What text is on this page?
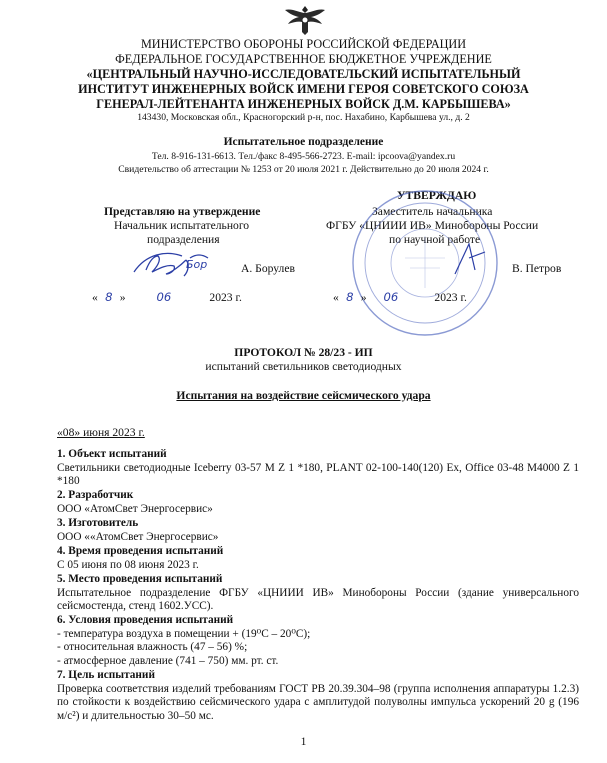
МИНИСТЕРСТВО ОБОРОНЫ РОССИЙСКОЙ ФЕДЕРАЦИИ
ФЕДЕРАЛЬНОЕ ГОСУДАРСТВЕННОЕ БЮДЖЕТНОЕ УЧРЕЖДЕНИЕ
«ЦЕНТРАЛЬНЫЙ НАУЧНО-ИССЛЕДОВАТЕЛЬСКИЙ ИСПЫТАТЕЛЬНЫЙ
ИНСТИТУТ ИНЖЕНЕРНЫХ ВОЙСК ИМЕНИ ГЕРОЯ СОВЕТСКОГО СОЮЗА
ГЕНЕРАЛ-ЛЕЙТЕНАНТА ИНЖЕНЕРНЫХ ВОЙСК Д.М. КАРБЫШЕВА»
143430, Московская обл., Красногорский р-н, пос. Нахабино, Карбышева ул., д. 2
Испытательное подразделение
Тел. 8-916-131-6613. Тел./факс 8-495-566-2723. E-mail: ipcoova@yandex.ru
Свидетельство об аттестации № 1253 от 20 июля 2021 г. Действительно до 20 июля 2024 г.
Представляю на утверждение
Начальник испытательного
подразделения
Бор	А. Борулев
« 8 »	06	2023 г.
УТВЕРЖДАЮ
Заместитель начальника
ФГБУ «ЦНИИИ ИВ» Минобороны России
по научной работе
В. Петров
« 8 » 06	2023 г.
ПРОТОКОЛ № 28/23 - ИП
испытаний светильников светодиодных
Испытания на воздействие сейсмического удара
«08» июня 2023 г.
1. Объект испытаний
Светильники светодиодные Iceberry 03-57 M Z 1 *180, PLANT 02-100-140(120) Ex, Office 03-48 M4000 Z 1 *180
2. Разработчик
ООО «АтомСвет Энергосервис»
3. Изготовитель
ООО ««АтомСвет Энергосервис»
4. Время проведения испытаний
С 05 июня по 08 июня 2023 г.
5. Место проведения испытаний
Испытательное подразделение ФГБУ «ЦНИИИ ИВ» Минобороны России (здание универсального сейсмостенда, стенд 1602.УСС).
6. Условия проведения испытаний
- температура воздуха в помещении + (19⁰С – 20⁰С);
- относительная влажность (47 – 56) %;
- атмосферное давление (741 – 750) мм. рт. ст.
7. Цель испытаний
Проверка соответствия изделий требованиям ГОСТ РВ 20.39.304–98 (группа исполнения аппаратуры 1.2.3) по стойкости к воздействию сейсмического удара с амплитудой полуволны импульса ускорений 20 g (196 м/с²) и длительностью 30–50 мс.
1
